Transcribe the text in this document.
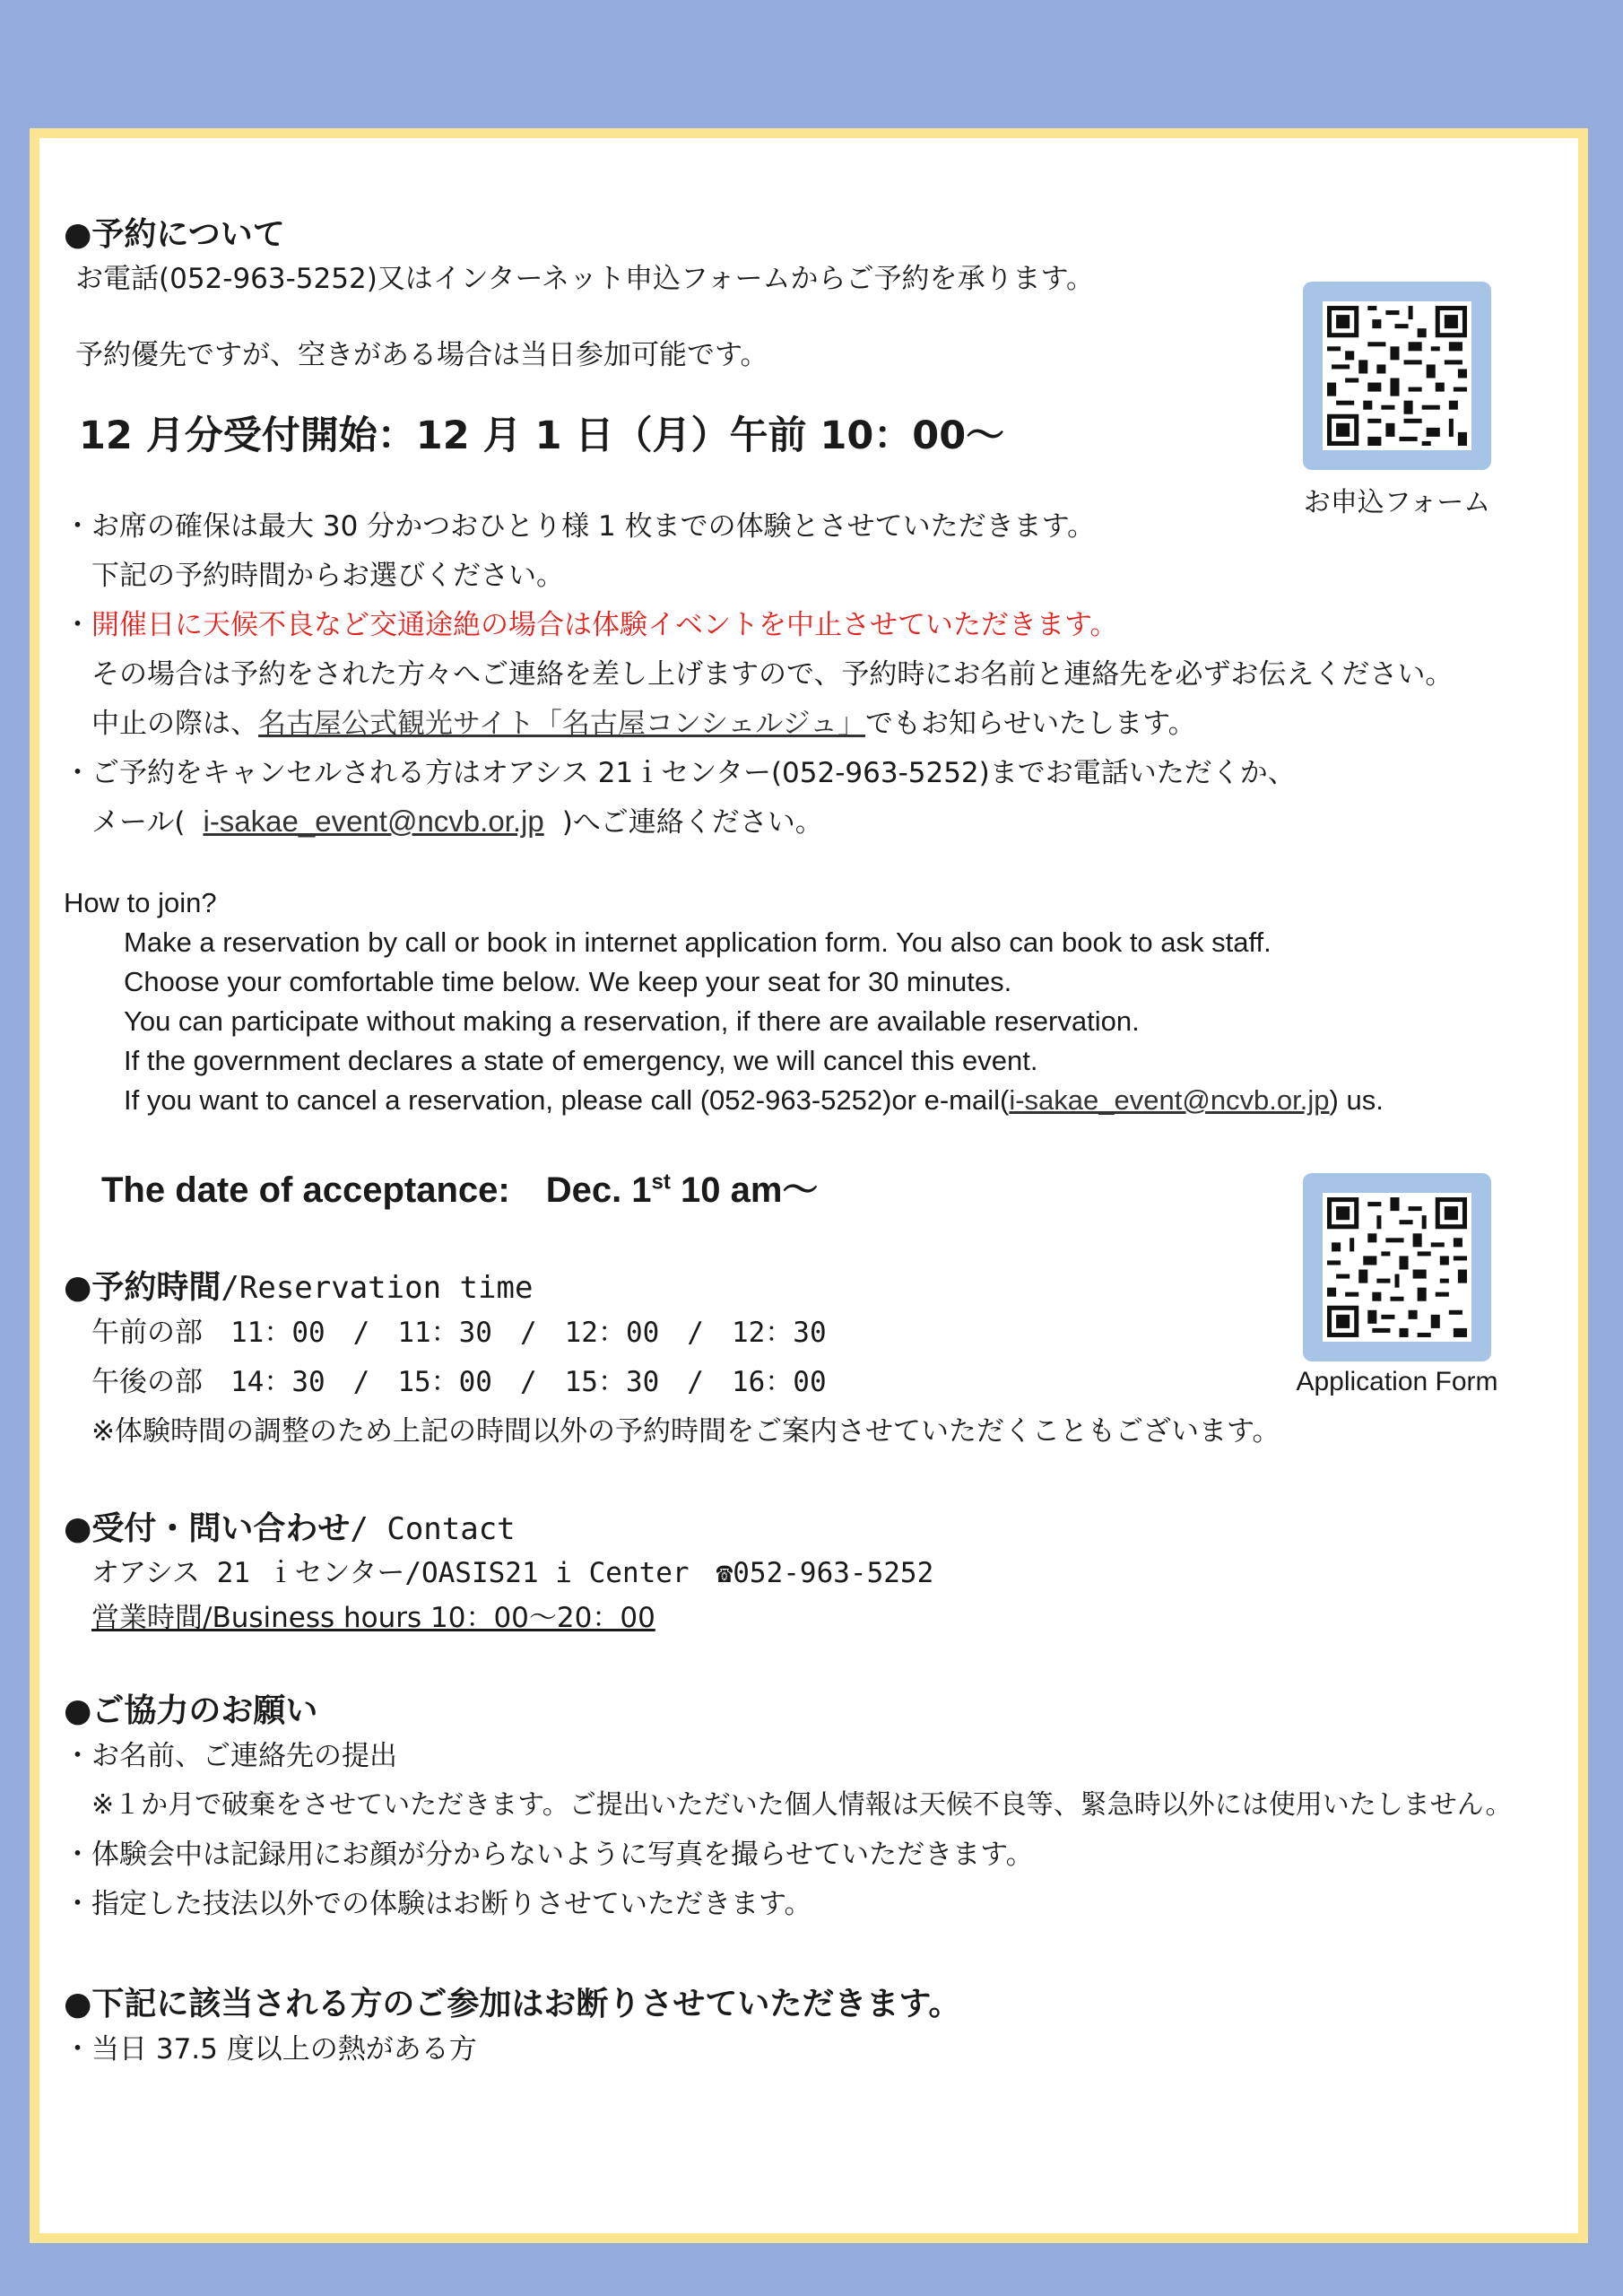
●予約について
お電話(052-963-5252)又はインターネット申込フォームからご予約を承ります。
予約優先ですが、空きがある場合は当日参加可能です。
12 月分受付開始：12 月 1 日（月）午前 10：00～
お申込フォーム
・お席の確保は最大 30 分かつおひとり様 1 枚までの体験とさせていただきます。
下記の予約時間からお選びください。
・開催日に天候不良など交通途絶の場合は体験イベントを中止させていただきます。
その場合は予約をされた方々へご連絡を差し上げますので、予約時にお名前と連絡先を必ずお伝えください。
中止の際は、名古屋公式観光サイト「名古屋コンシェルジュ」でもお知らせいたします。
・ご予約をキャンセルされる方はオアシス 21ｉセンター(052-963-5252)までお電話いただくか、
メール( i-sakae_event@ncvb.or.jp )へご連絡ください。
How to join?
Make a reservation by call or book in internet application form. You also can book to ask staff.
Choose your comfortable time below. We keep your seat for 30 minutes.
You can participate without making a reservation, if there are available reservation.
If the government declares a state of emergency, we will cancel this event.
If you want to cancel a reservation, please call (052-963-5252)or e-mail(i-sakae_event@ncvb.or.jp) us.
The date of acceptance: Dec. 1st 10 am～
Application Form
●予約時間/Reservation time
午前の部　11：00　/　11：30　/　12：00　/　12：30
午後の部　14：30　/　15：00　/　15：30　/　16：00
※体験時間の調整のため上記の時間以外の予約時間をご案内させていただくこともございます。
●受付・問い合わせ/ Contact
オアシス 21 ｉセンター/OASIS21 i Center ☎052-963-5252
営業時間/Business hours 10：00～20：00
●ご協力のお願い
・お名前、ご連絡先の提出
※１か月で破棄をさせていただきます。ご提出いただいた個人情報は天候不良等、緊急時以外には使用いたしません。
・体験会中は記録用にお顔が分からないように写真を撮らせていただきます。
・指定した技法以外での体験はお断りさせていただきます。
●下記に該当される方のご参加はお断りさせていただきます。
・当日 37.5 度以上の熱がある方
